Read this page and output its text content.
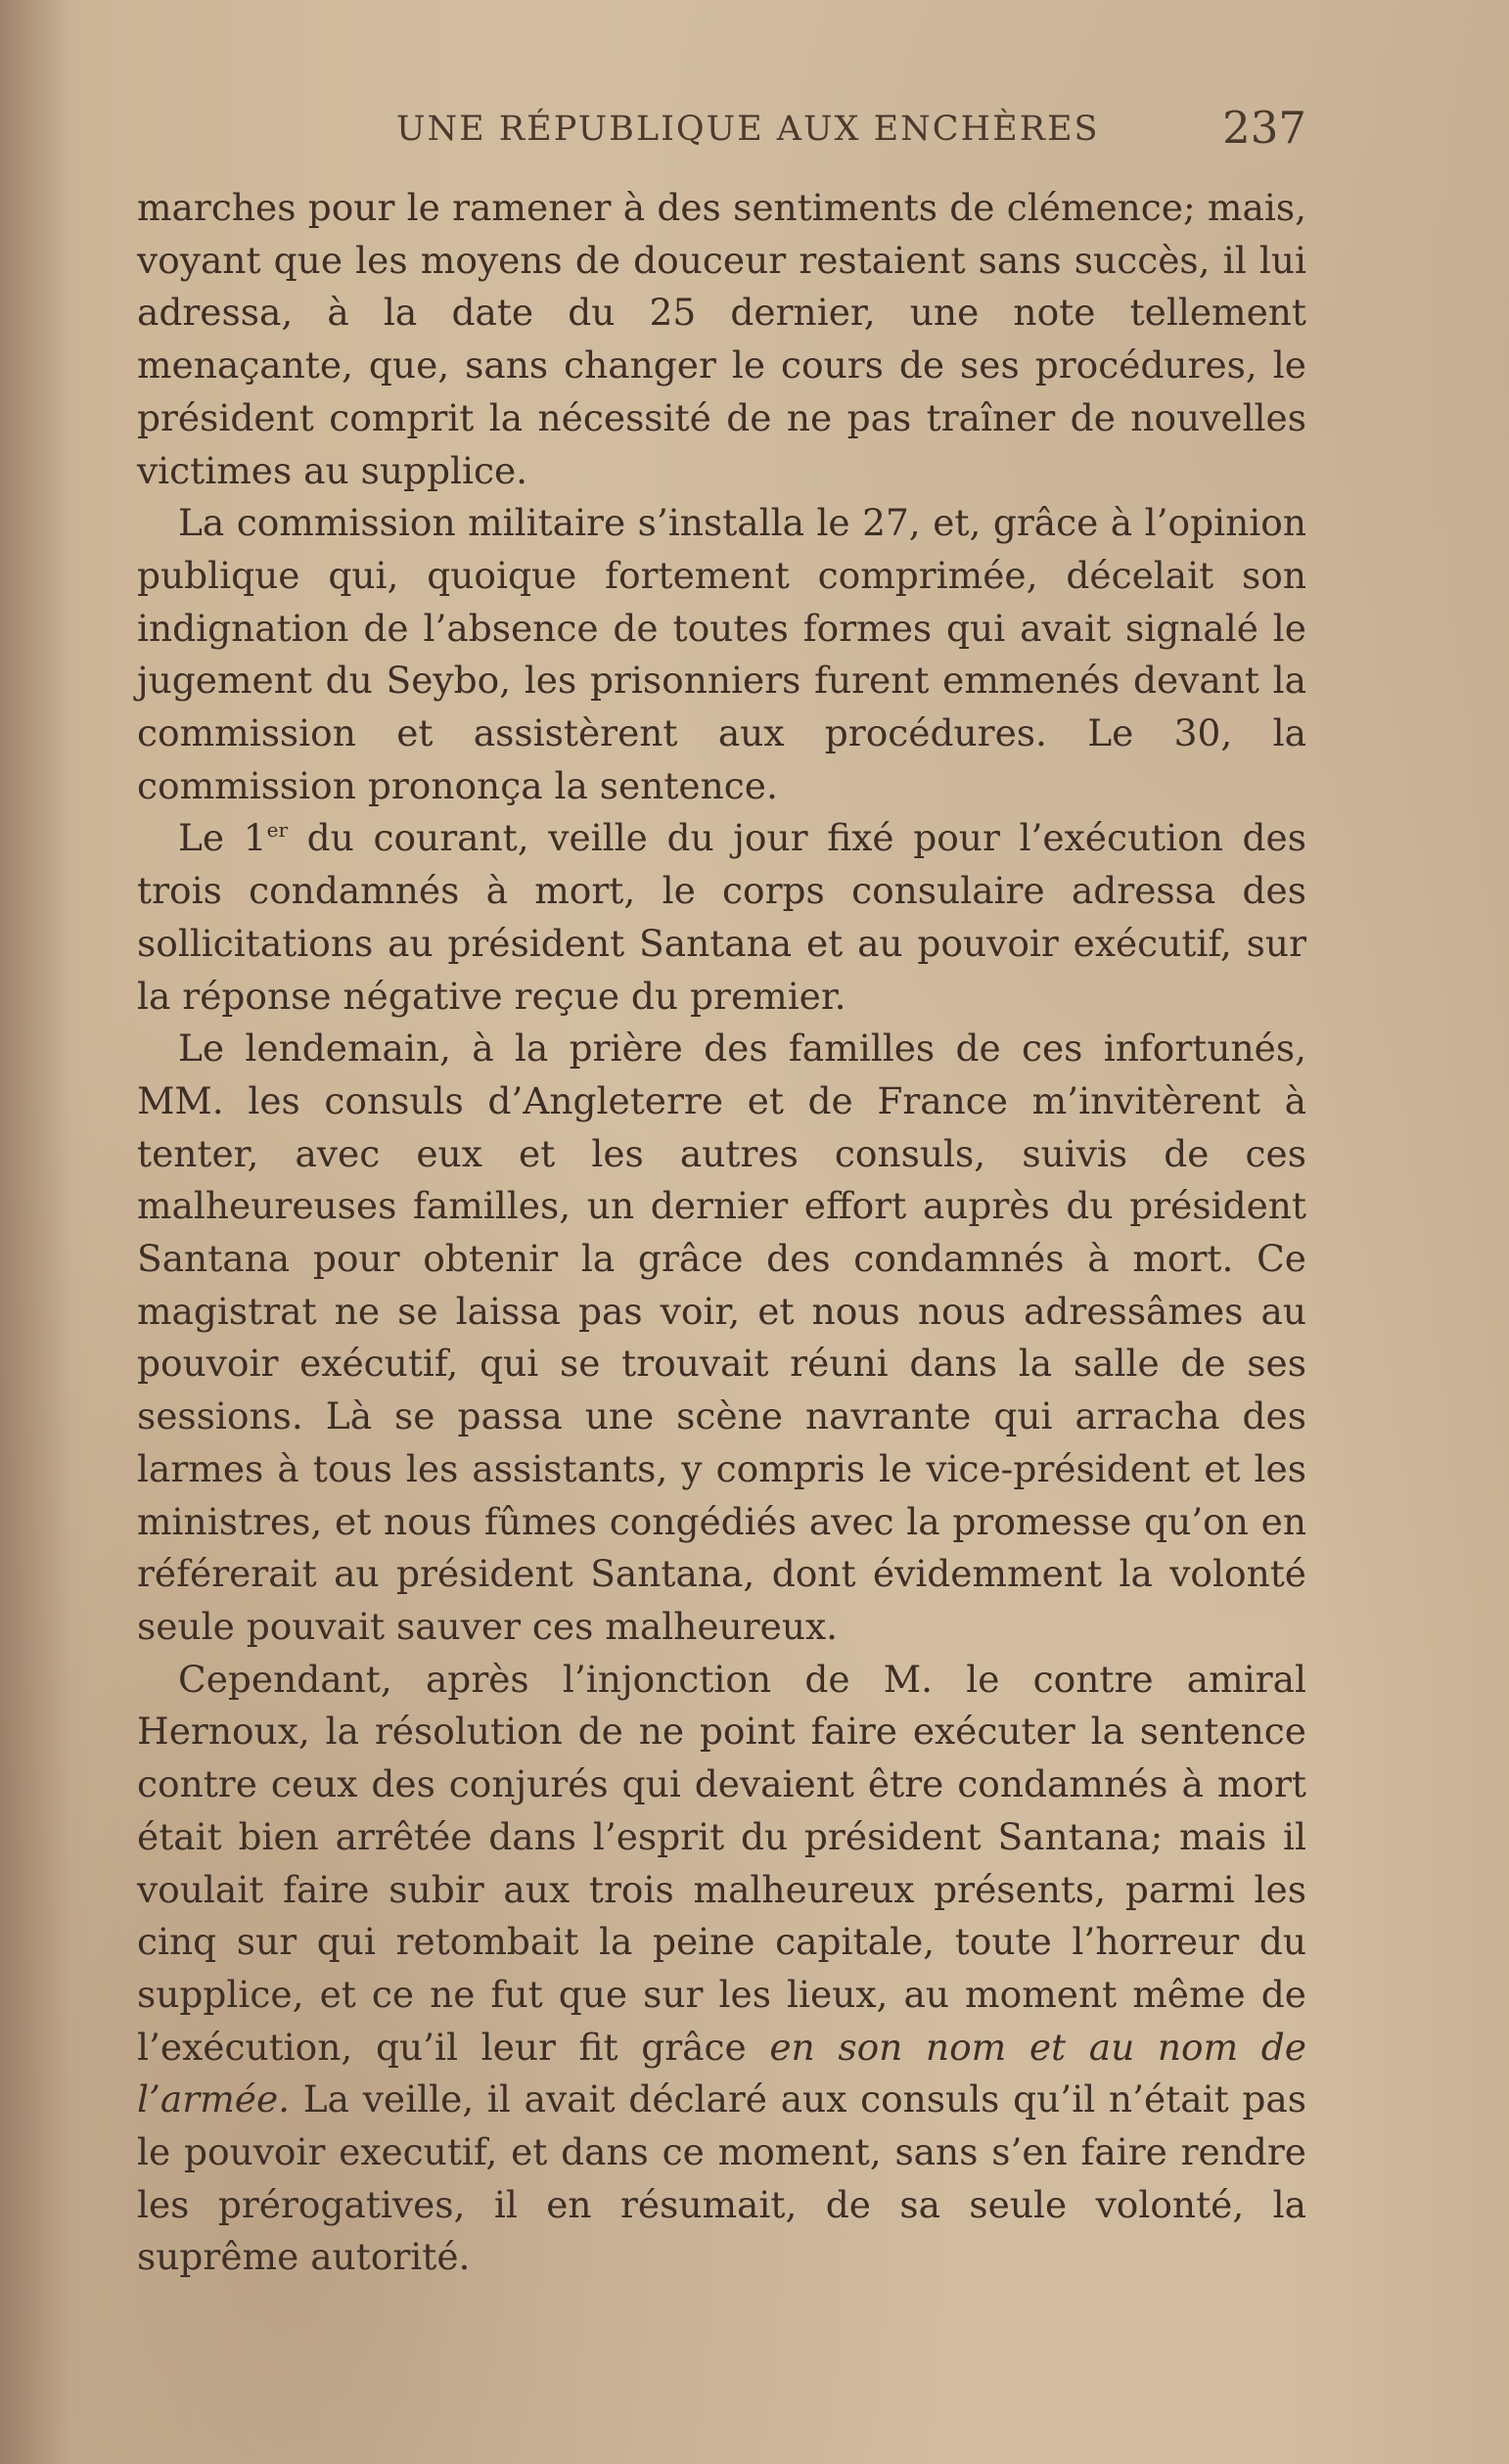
UNE RÉPUBLIQUE AUX ENCHÈRES	237

marches pour le ramener à des sentiments de clémence; mais, voyant que les moyens de douceur restaient sans succès, il lui adressa, à la date du 25 dernier, une note tellement menaçante, que, sans changer le cours de ses procédures, le président comprit la nécessité de ne pas traîner de nouvelles victimes au supplice.

La commission militaire s’installa le 27, et, grâce à l’opinion publique qui, quoique fortement comprimée, décelait son indignation de l’absence de toutes formes qui avait signalé le jugement du Seybo, les prisonniers furent emmenés devant la commission et assistèrent aux procédures. Le 30, la commission prononça la sentence.

Le 1er du courant, veille du jour fixé pour l’exécution des trois condamnés à mort, le corps consulaire adressa des sollicitations au président Santana et au pouvoir exécutif, sur la réponse négative reçue du premier.

Le lendemain, à la prière des familles de ces infortunés, MM. les consuls d’Angleterre et de France m’invitèrent à tenter, avec eux et les autres consuls, suivis de ces malheureuses familles, un dernier effort auprès du président Santana pour obtenir la grâce des condamnés à mort. Ce magistrat ne se laissa pas voir, et nous nous adressâmes au pouvoir exécutif, qui se trouvait réuni dans la salle de ses sessions. Là se passa une scène navrante qui arracha des larmes à tous les assistants, y compris le vice-président et les ministres, et nous fûmes congédiés avec la promesse qu’on en référerait au président Santana, dont évidemment la volonté seule pouvait sauver ces malheureux.

Cependant, après l’injonction de M. le contre amiral Hernoux, la résolution de ne point faire exécuter la sentence contre ceux des conjurés qui devaient être condamnés à mort était bien arrêtée dans l’esprit du président Santana; mais il voulait faire subir aux trois malheureux présents, parmi les cinq sur qui retombait la peine capitale, toute l’horreur du supplice, et ce ne fut que sur les lieux, au moment même de l’exécution, qu’il leur fit grâce en son nom et au nom de l’armée. La veille, il avait déclaré aux consuls qu’il n’était pas le pouvoir executif, et dans ce moment, sans s’en faire rendre les prérogatives, il en résumait, de sa seule volonté, la suprême autorité.
